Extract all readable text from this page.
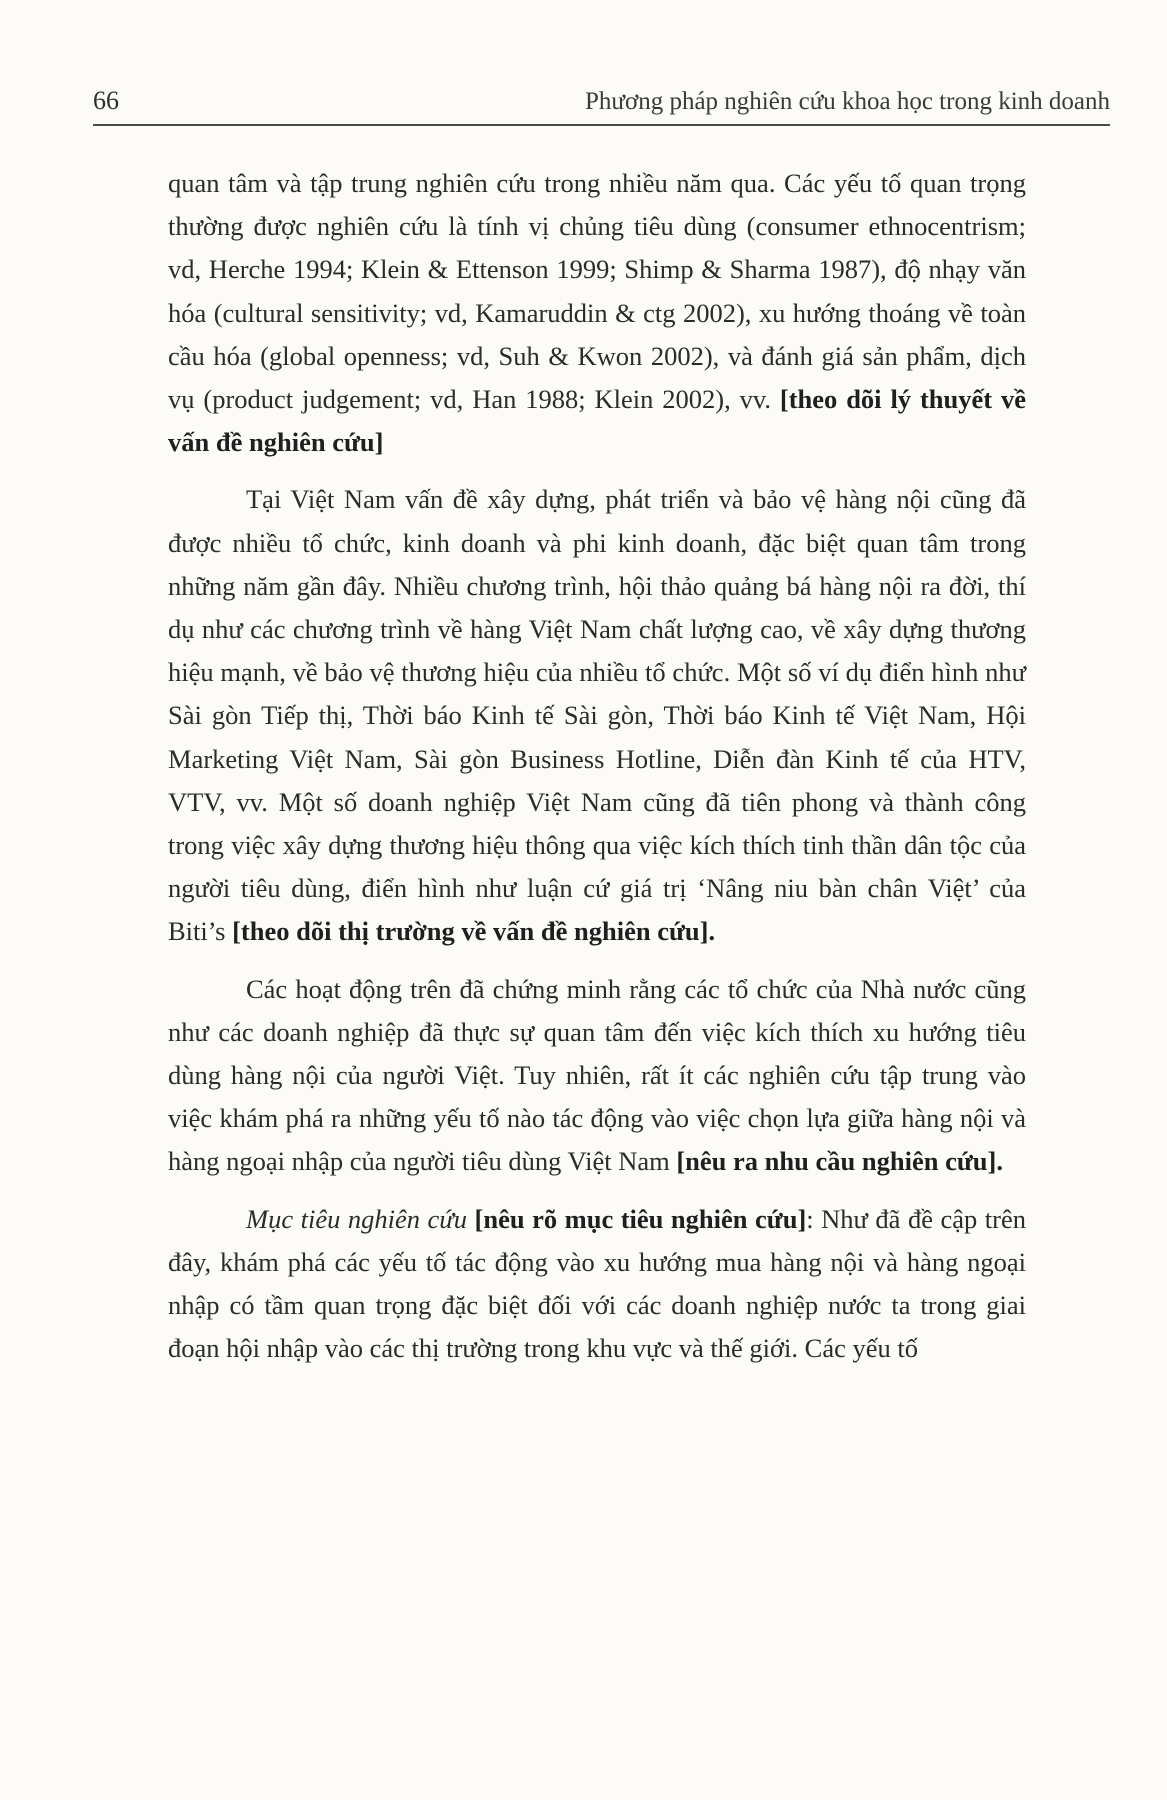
66	Phương pháp nghiên cứu khoa học trong kinh doanh

quan tâm và tập trung nghiên cứu trong nhiều năm qua. Các yếu tố quan trọng thường được nghiên cứu là tính vị chủng tiêu dùng (consumer ethnocentrism; vd, Herche 1994; Klein & Ettenson 1999; Shimp & Sharma 1987), độ nhạy văn hóa (cultural sensitivity; vd, Kamaruddin & ctg 2002), xu hướng thoáng về toàn cầu hóa (global openness; vd, Suh & Kwon 2002), và đánh giá sản phẩm, dịch vụ (product judgement; vd, Han 1988; Klein 2002), vv. [theo dõi lý thuyết về vấn đề nghiên cứu]

Tại Việt Nam vấn đề xây dựng, phát triển và bảo vệ hàng nội cũng đã được nhiều tổ chức, kinh doanh và phi kinh doanh, đặc biệt quan tâm trong những năm gần đây. Nhiều chương trình, hội thảo quảng bá hàng nội ra đời, thí dụ như các chương trình về hàng Việt Nam chất lượng cao, về xây dựng thương hiệu mạnh, về bảo vệ thương hiệu của nhiều tổ chức. Một số ví dụ điển hình như Sài gòn Tiếp thị, Thời báo Kinh tế Sài gòn, Thời báo Kinh tế Việt Nam, Hội Marketing Việt Nam, Sài gòn Business Hotline, Diễn đàn Kinh tế của HTV, VTV, vv. Một số doanh nghiệp Việt Nam cũng đã tiên phong và thành công trong việc xây dựng thương hiệu thông qua việc kích thích tinh thần dân tộc của người tiêu dùng, điển hình như luận cứ giá trị ‘Nâng niu bàn chân Việt’ của Biti’s [theo dõi thị trường về vấn đề nghiên cứu].

Các hoạt động trên đã chứng minh rằng các tổ chức của Nhà nước cũng như các doanh nghiệp đã thực sự quan tâm đến việc kích thích xu hướng tiêu dùng hàng nội của người Việt. Tuy nhiên, rất ít các nghiên cứu tập trung vào việc khám phá ra những yếu tố nào tác động vào việc chọn lựa giữa hàng nội và hàng ngoại nhập của người tiêu dùng Việt Nam [nêu ra nhu cầu nghiên cứu].

Mục tiêu nghiên cứu [nêu rõ mục tiêu nghiên cứu]: Như đã đề cập trên đây, khám phá các yếu tố tác động vào xu hướng mua hàng nội và hàng ngoại nhập có tầm quan trọng đặc biệt đối với các doanh nghiệp nước ta trong giai đoạn hội nhập vào các thị trường trong khu vực và thế giới. Các yếu tố
